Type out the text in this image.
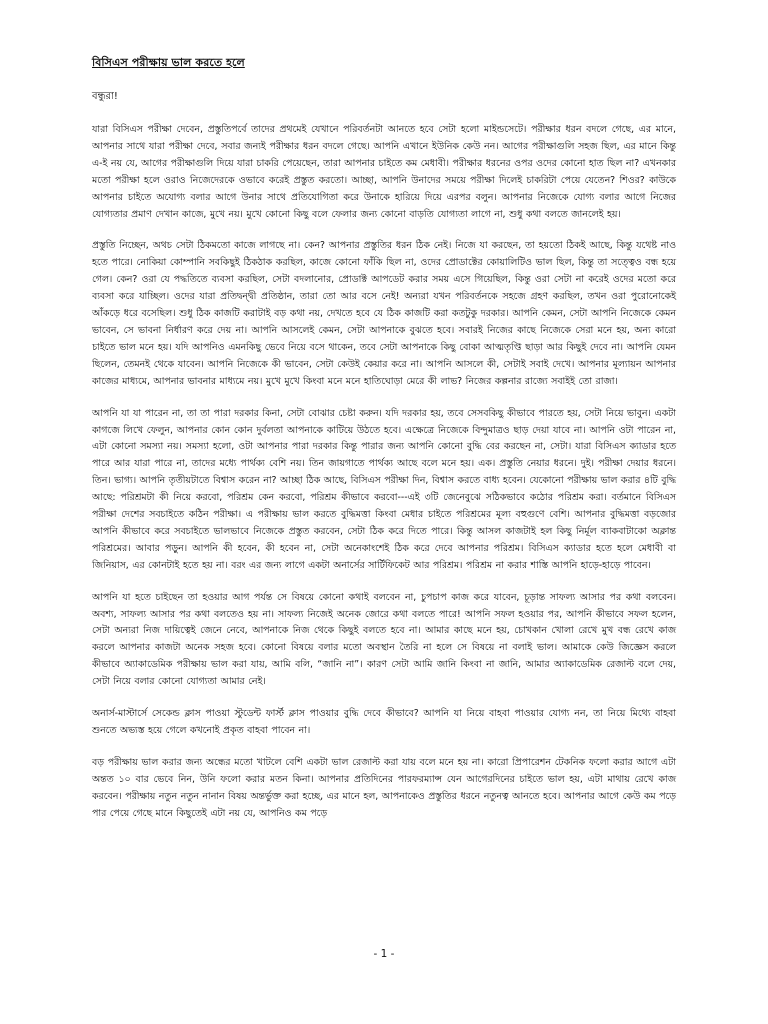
বিসিএস পরীক্ষায় ভাল করতে হলে
বন্ধুরা!

যারা বিসিএস পরীক্ষা দেবেন, প্রস্তুতিপর্বে তাদের প্রথমেই যেখানে পরিবর্তনটা আনতে হবে সেটা হলো মাইন্ডসেটে। পরীক্ষার ধরন বদলে গেছে, এর মানে, আপনার সাথে যারা পরীক্ষা দেবে, সবার জন্যই পরীক্ষার ধরন বদলে গেছে। আপনি এখানে ইউনিক কেউ নন। আগের পরীক্ষাগুলি সহজ ছিল, এর মানে কিন্তু এ-ই নয় যে, আগের পরীক্ষাগুলি দিয়ে যারা চাকরি পেয়েছেন, তারা আপনার চাইতে কম মেধাবী। পরীক্ষার ধরনের ওপর ওদের কোনো হাত ছিল না? এখনকার মতো পরীক্ষা হলে ওরাও নিজেদেরকে ওভাবে করেই প্রস্তুত করতো। আচ্ছা, আপনি উনাদের সময়ে পরীক্ষা দিলেই চাকরিটা পেয়ে যেতেন? শিওর? কাউকে আপনার চাইতে অযোগ্য বলার আগে উনার সাথে প্রতিযোগিতা করে উনাকে হারিয়ে দিয়ে এরপর বলুন। আপনার নিজেকে যোগ্য বলার আগে নিজের যোগ্যতার প্রমাণ দেখান কাজে, মুখে নয়। মুখে কোনো কিছু বলে ফেলার জন্য কোনো বাড়তি যোগ্যতা লাগে না, শুধু কথা বলতে জানলেই হয়।

প্রস্তুতি নিচ্ছেন, অথচ সেটা ঠিকমতো কাজে লাগছে না। কেন? আপনার প্রস্তুতির ধরন ঠিক নেই। নিজে যা করছেন, তা হয়তো ঠিকই আছে, কিন্তু যথেষ্ট নাও হতে পারে। নোকিয়া কোম্পানি সবকিছুই ঠিকঠাক করছিল, কাজে কোনো ফাঁকি ছিল না, ওদের প্রোডাক্টের কোয়ালিটিও ভাল ছিল, কিন্তু তা সত্ত্বেও বন্ধ হয়ে গেল। কেন? ওরা যে পদ্ধতিতে ব্যবসা করছিল, সেটা বদলানোর, প্রোডাক্ট আপডেট করার সময় এসে গিয়েছিল, কিন্তু ওরা সেটা না করেই ওদের মতো করে ব্যবসা করে যাচ্ছিল। ওদের যারা প্রতিদ্বন্দ্বী প্রতিষ্ঠান, তারা তো আর বসে নেই! অন্যরা যখন পরিবর্তনকে সহজে গ্রহণ করছিল, তখন ওরা পুরোনোকেই আঁকড়ে ধরে বসেছিল। শুধু ঠিক কাজটি করাটাই বড় কথা নয়, দেখতে হবে যে ঠিক কাজটি করা কতটুকু দরকার। আপনি কেমন, সেটা আপনি নিজেকে কেমন ভাবেন, সে ভাবনা নির্ধারণ করে দেয় না। আপনি আসলেই কেমন, সেটা আপনাকে বুঝতে হবে। সবারই নিজের কাছে নিজেকে সেরা মনে হয়, অন্য কারো চাইতে ভাল মনে হয়। যদি আপনিও এমনকিছু ভেবে নিয়ে বসে থাকেন, তবে সেটা আপনাকে কিছু বোকা আত্মতৃপ্তি ছাড়া আর কিছুই দেবে না। আপনি যেমন ছিলেন, তেমনই থেকে যাবেন। আপনি নিজেকে কী ভাবেন, সেটা কেউই কেয়ার করে না। আপনি আসলে কী, সেটাই সবাই দেখে। আপনার মূল্যায়ন আপনার কাজের মাধ্যমে, আপনার ভাবনার মাধ্যমে নয়। মুখে মুখে কিংবা মনে মনে হাতিঘোড়া মেরে কী লাভ? নিজের কল্পনার রাজ্যে সবাইই তো রাজা।

আপনি যা যা পারেন না, তা তা পারা দরকার কিনা, সেটা বোঝার চেষ্টা করুন। যদি দরকার হয়, তবে সেসবকিছু কীভাবে পারতে হয়, সেটা নিয়ে ভাবুন। একটা কাগজে লিখে ফেলুন, আপনার কোন কোন দুর্বলতা আপনাকে কাটিয়ে উঠতে হবে। এক্ষেত্রে নিজেকে বিন্দুমাত্রও ছাড় দেয়া যাবে না। আপনি ওটা পারেন না, এটা কোনো সমস্যা নয়। সমস্যা হলো, ওটা আপনার পারা দরকার কিন্তু পারার জন্য আপনি কোনো বুদ্ধি বের করছেন না, সেটা। যারা বিসিএস ক্যাডার হতে পারে আর যারা পারে না, তাদের মধ্যে পার্থক্য বেশি নয়। তিন জায়গাতে পার্থক্য আছে বলে মনে হয়। এক। প্রস্তুতি নেয়ার ধরনে। দুই। পরীক্ষা দেয়ার ধরনে। তিন। ভাগ্য। আপনি তৃতীয়টাতে বিশ্বাস করেন না? আচ্ছা ঠিক আছে, বিসিএস পরীক্ষা দিন, বিশ্বাস করতে বাধ্য হবেন। যেকোনো পরীক্ষায় ভাল করার ৪টি বুদ্ধি আছে: পরিশ্রমটা কী নিয়ে করবো, পরিশ্রম কেন করবো, পরিশ্রম কীভাবে করবো---এই ৩টি জেনেবুঝে সঠিকভাবে কঠোর পরিশ্রম করা। বর্তমানে বিসিএস পরীক্ষা দেশের সবচাইতে কঠিন পরীক্ষা। এ পরীক্ষায় ভাল করতে বুদ্ধিমত্তা কিংবা মেধার চাইতে পরিশ্রমের মূল্য বহুগুণে বেশি। আপনার বুদ্ধিমত্তা বড়জোর আপনি কীভাবে করে সবচাইতে ভালভাবে নিজেকে প্রস্তুত করবেন, সেটা ঠিক করে দিতে পারে। কিন্তু আসল কাজটাই হল কিছু নির্মূল ব্যাকবাটাকো অক্লান্ত পরিশ্রমের। আবার পড়ুন। আপনি কী হবেন, কী হবেন না, সেটা অনেকাংশেই ঠিক করে দেবে আপনার পরিশ্রম। বিসিএস ক্যাডার হতে হলে মেধাবী বা জিনিয়াস, এর কোনটাই হতে হয় না। বরং এর জন্য লাগে একটা অনার্সের সার্টিফিকেট আর পরিশ্রম। পরিশ্রম না করার শাস্তি আপনি হাড়ে-হাড়ে পাবেন।

আপনি যা হতে চাইছেন তা হওয়ার আগ পর্যন্ত সে বিষয়ে কোনো কথাই বলবেন না, চুপচাপ কাজ করে যাবেন, চূড়ান্ত সাফল্য আসার পর কথা বলবেন। অবশ্য, সাফল্য আসার পর কথা বলতেও হয় না। সাফল্য নিজেই অনেক জোরে কথা বলতে পারে! আপনি সফল হওয়ার পর, আপনি কীভাবে সফল হলেন, সেটা অন্যরা নিজ দায়িত্বেই জেনে নেবে, আপনাকে নিজ থেকে কিছুই বলতে হবে না। আমার কাছে মনে হয়, চোখকান খোলা রেখে মুখ বন্ধ রেখে কাজ করলে আপনার কাজটা অনেক সহজ হবে। কোনো বিষয়ে বলার মতো অবস্থান তৈরি না হলে সে বিষয়ে না বলাই ভাল। আমাকে কেউ জিজ্ঞেস করলে কীভাবে অ্যাকাডেমিক পরীক্ষায় ভাল করা যায়, আমি বলি, “জানি না”। কারণ সেটা আমি জানি কিংবা না জানি, আমার অ্যাকাডেমিক রেজাল্ট বলে দেয়, সেটা নিয়ে বলার কোনো যোগ্যতা আমার নেই।

অনার্স-মাস্টার্সে সেকেন্ড ক্লাস পাওয়া স্টুডেন্ট ফার্স্ট ক্লাস পাওয়ার বুদ্ধি দেবে কীভাবে? আপনি যা নিয়ে বাহবা পাওয়ার যোগ্য নন, তা নিয়ে মিথ্যে বাহবা শুনতে অভ্যস্ত হয়ে গেলে কখনোই প্রকৃত বাহবা পাবেন না।

বড় পরীক্ষায় ভাল করার জন্য অন্ধের মতো খাটলে বেশি একটা ভাল রেজাল্ট করা যায় বলে মনে হয় না। কারো প্রিপারেশন টেকনিক ফলো করার আগে এটা অন্তত ১০ বার ভেবে নিন, উনি ফলো করার মতন কিনা। আপনার প্রতিদিনের পারফরম্যান্স যেন আগেরদিনের চাইতে ভাল হয়, এটা মাথায় রেখে কাজ করবেন। পরীক্ষায় নতুন নতুন নানান বিষয় অন্তর্ভুক্ত করা হচ্ছে, এর মানে হল, আপনাকেও প্রস্তুতির ধরনে নতুনত্ব আনতে হবে। আপনার আগে কেউ কম পড়ে পার পেয়ে গেছে মানে কিছুতেই এটা নয় যে, আপনিও কম পড়ে

- 1 -
